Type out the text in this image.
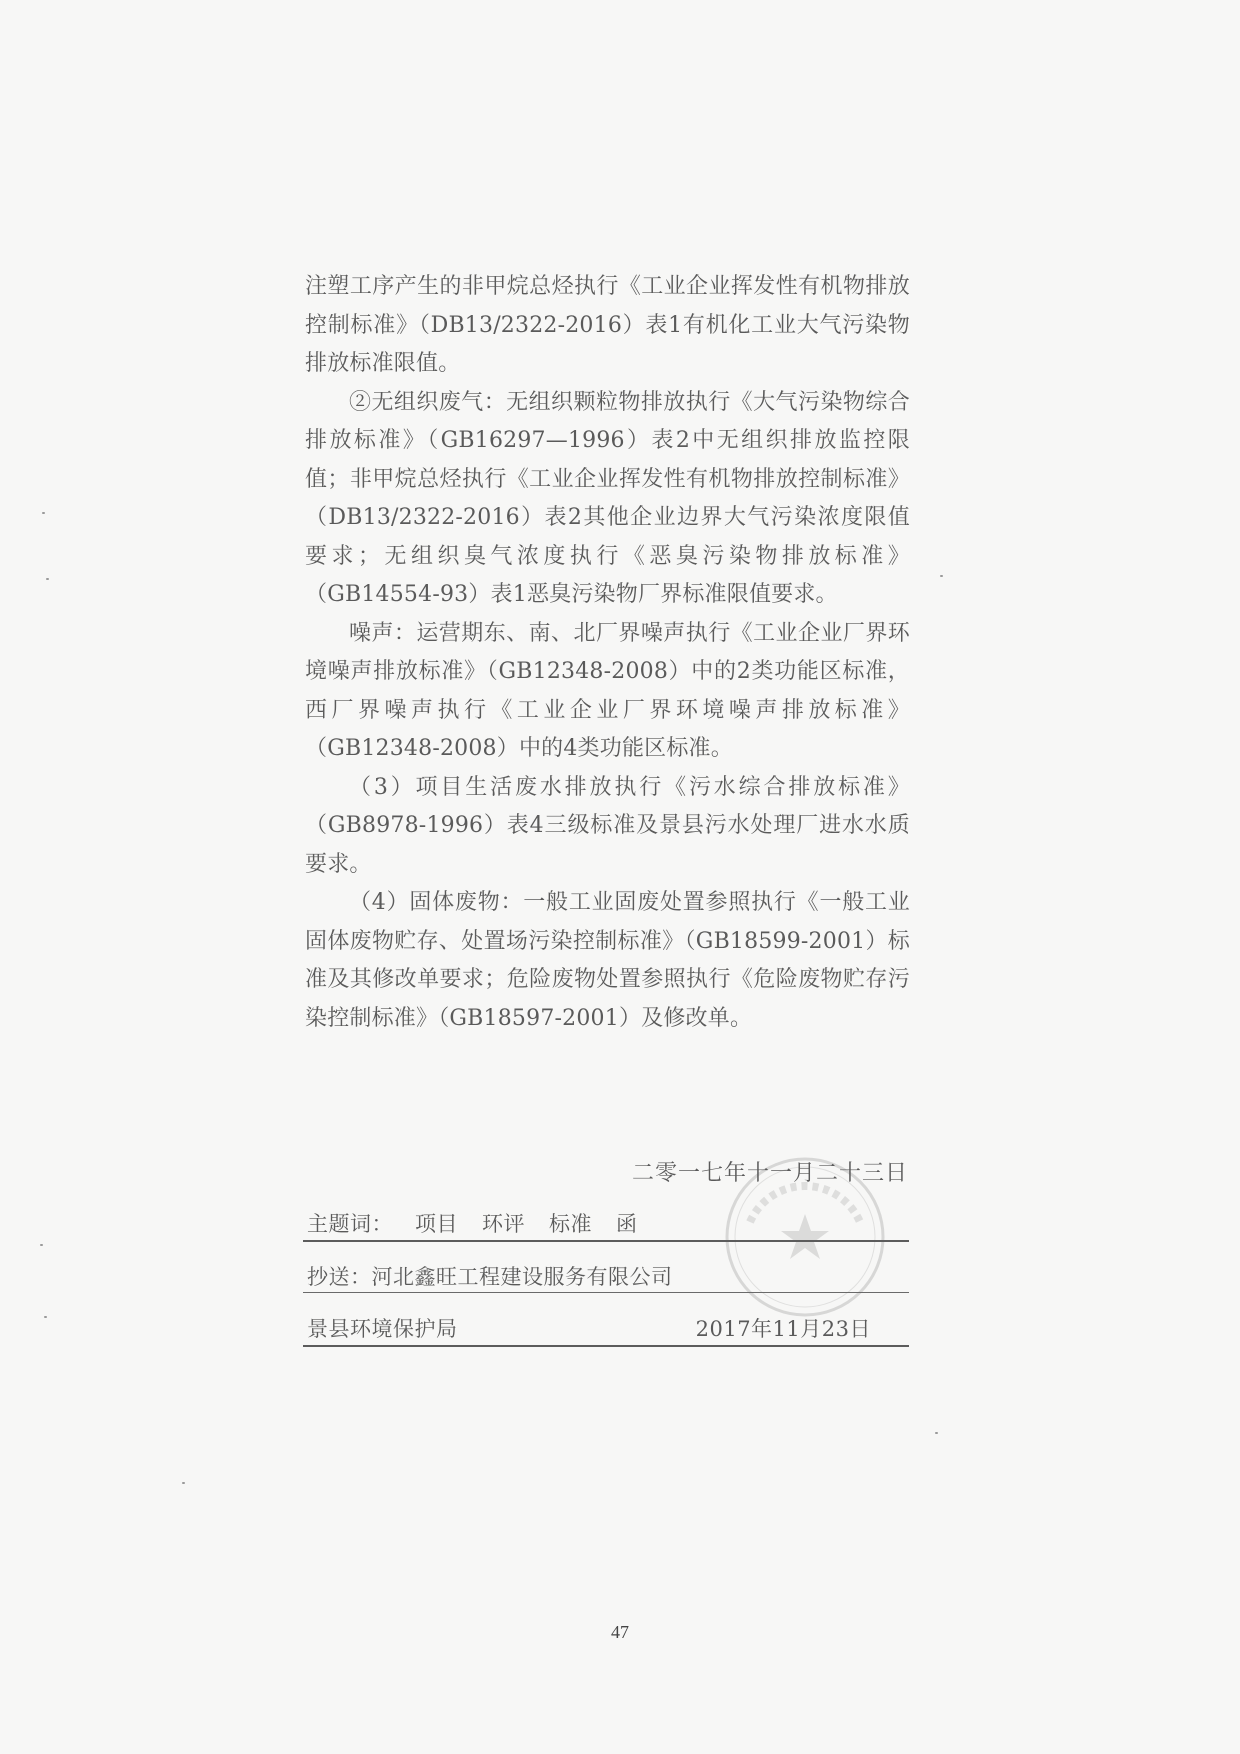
注塑工序产生的非甲烷总烃执行《工业企业挥发性有机物排放控制标准》（DB13/2322-2016）表1有机化工业大气污染物排放标准限值。

②无组织废气：无组织颗粒物排放执行《大气污染物综合排放标准》（GB16297—1996）表2中无组织排放监控限值；非甲烷总烃执行《工业企业挥发性有机物排放控制标准》（DB13/2322-2016）表2其他企业边界大气污染浓度限值要求；无组织臭气浓度执行《恶臭污染物排放标准》（GB14554-93）表1恶臭污染物厂界标准限值要求。

噪声：运营期东、南、北厂界噪声执行《工业企业厂界环境噪声排放标准》（GB12348-2008）中的2类功能区标准，西厂界噪声执行《工业企业厂界环境噪声排放标准》（GB12348-2008）中的4类功能区标准。

（3）项目生活废水排放执行《污水综合排放标准》（GB8978-1996）表4三级标准及景县污水处理厂进水水质要求。

（4）固体废物：一般工业固废处置参照执行《一般工业固体废物贮存、处置场污染控制标准》（GB18599-2001）标准及其修改单要求；危险废物处置参照执行《危险废物贮存污染控制标准》（GB18597-2001）及修改单。

二零一七年十一月二十三日
主题词： 项目 环评 标准 函
抄送： 河北鑫旺工程建设服务有限公司
景县环境保护局	2017年11月23日
47
